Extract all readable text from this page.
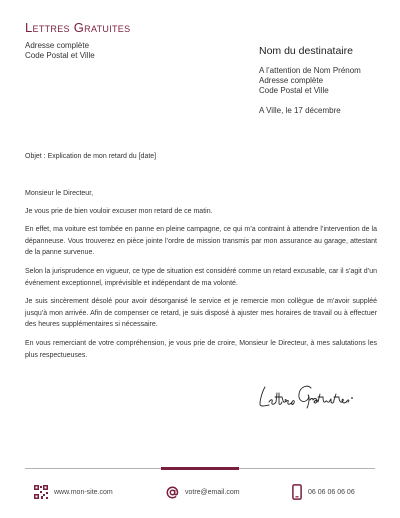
Lettres Gratuites
Adresse complète
Code Postal et Ville	Nom du destinataire
A l’attention de Nom Prénom
Adresse complète
Code Postal et Ville
A Ville, le 17 décembre
Objet : Explication de mon retard du [date]

Monsieur le Directeur,

Je vous prie de bien vouloir excuser mon retard de ce matin.

En effet, ma voiture est tombée en panne en pleine campagne, ce qui m’a contraint à attendre l’intervention de la dépanneuse. Vous trouverez en pièce jointe l’ordre de mission transmis par mon assurance au garage, attestant de la panne survenue.

Selon la jurisprudence en vigueur, ce type de situation est considéré comme un retard excusable, car il s’agit d’un événement exceptionnel, imprévisible et indépendant de ma volonté.

Je suis sincèrement désolé pour avoir désorganisé le service et je remercie mon collègue de m’avoir suppléé jusqu’à mon arrivée. Afin de compenser ce retard, je suis disposé à ajuster mes horaires de travail ou à effectuer des heures supplémentaires si nécessaire.

En vous remerciant de votre compréhension, je vous prie de croire, Monsieur le Directeur, à mes salutations les plus respectueuses.

www.mon-site.com	votre@email.com	06 06 06 06 06
